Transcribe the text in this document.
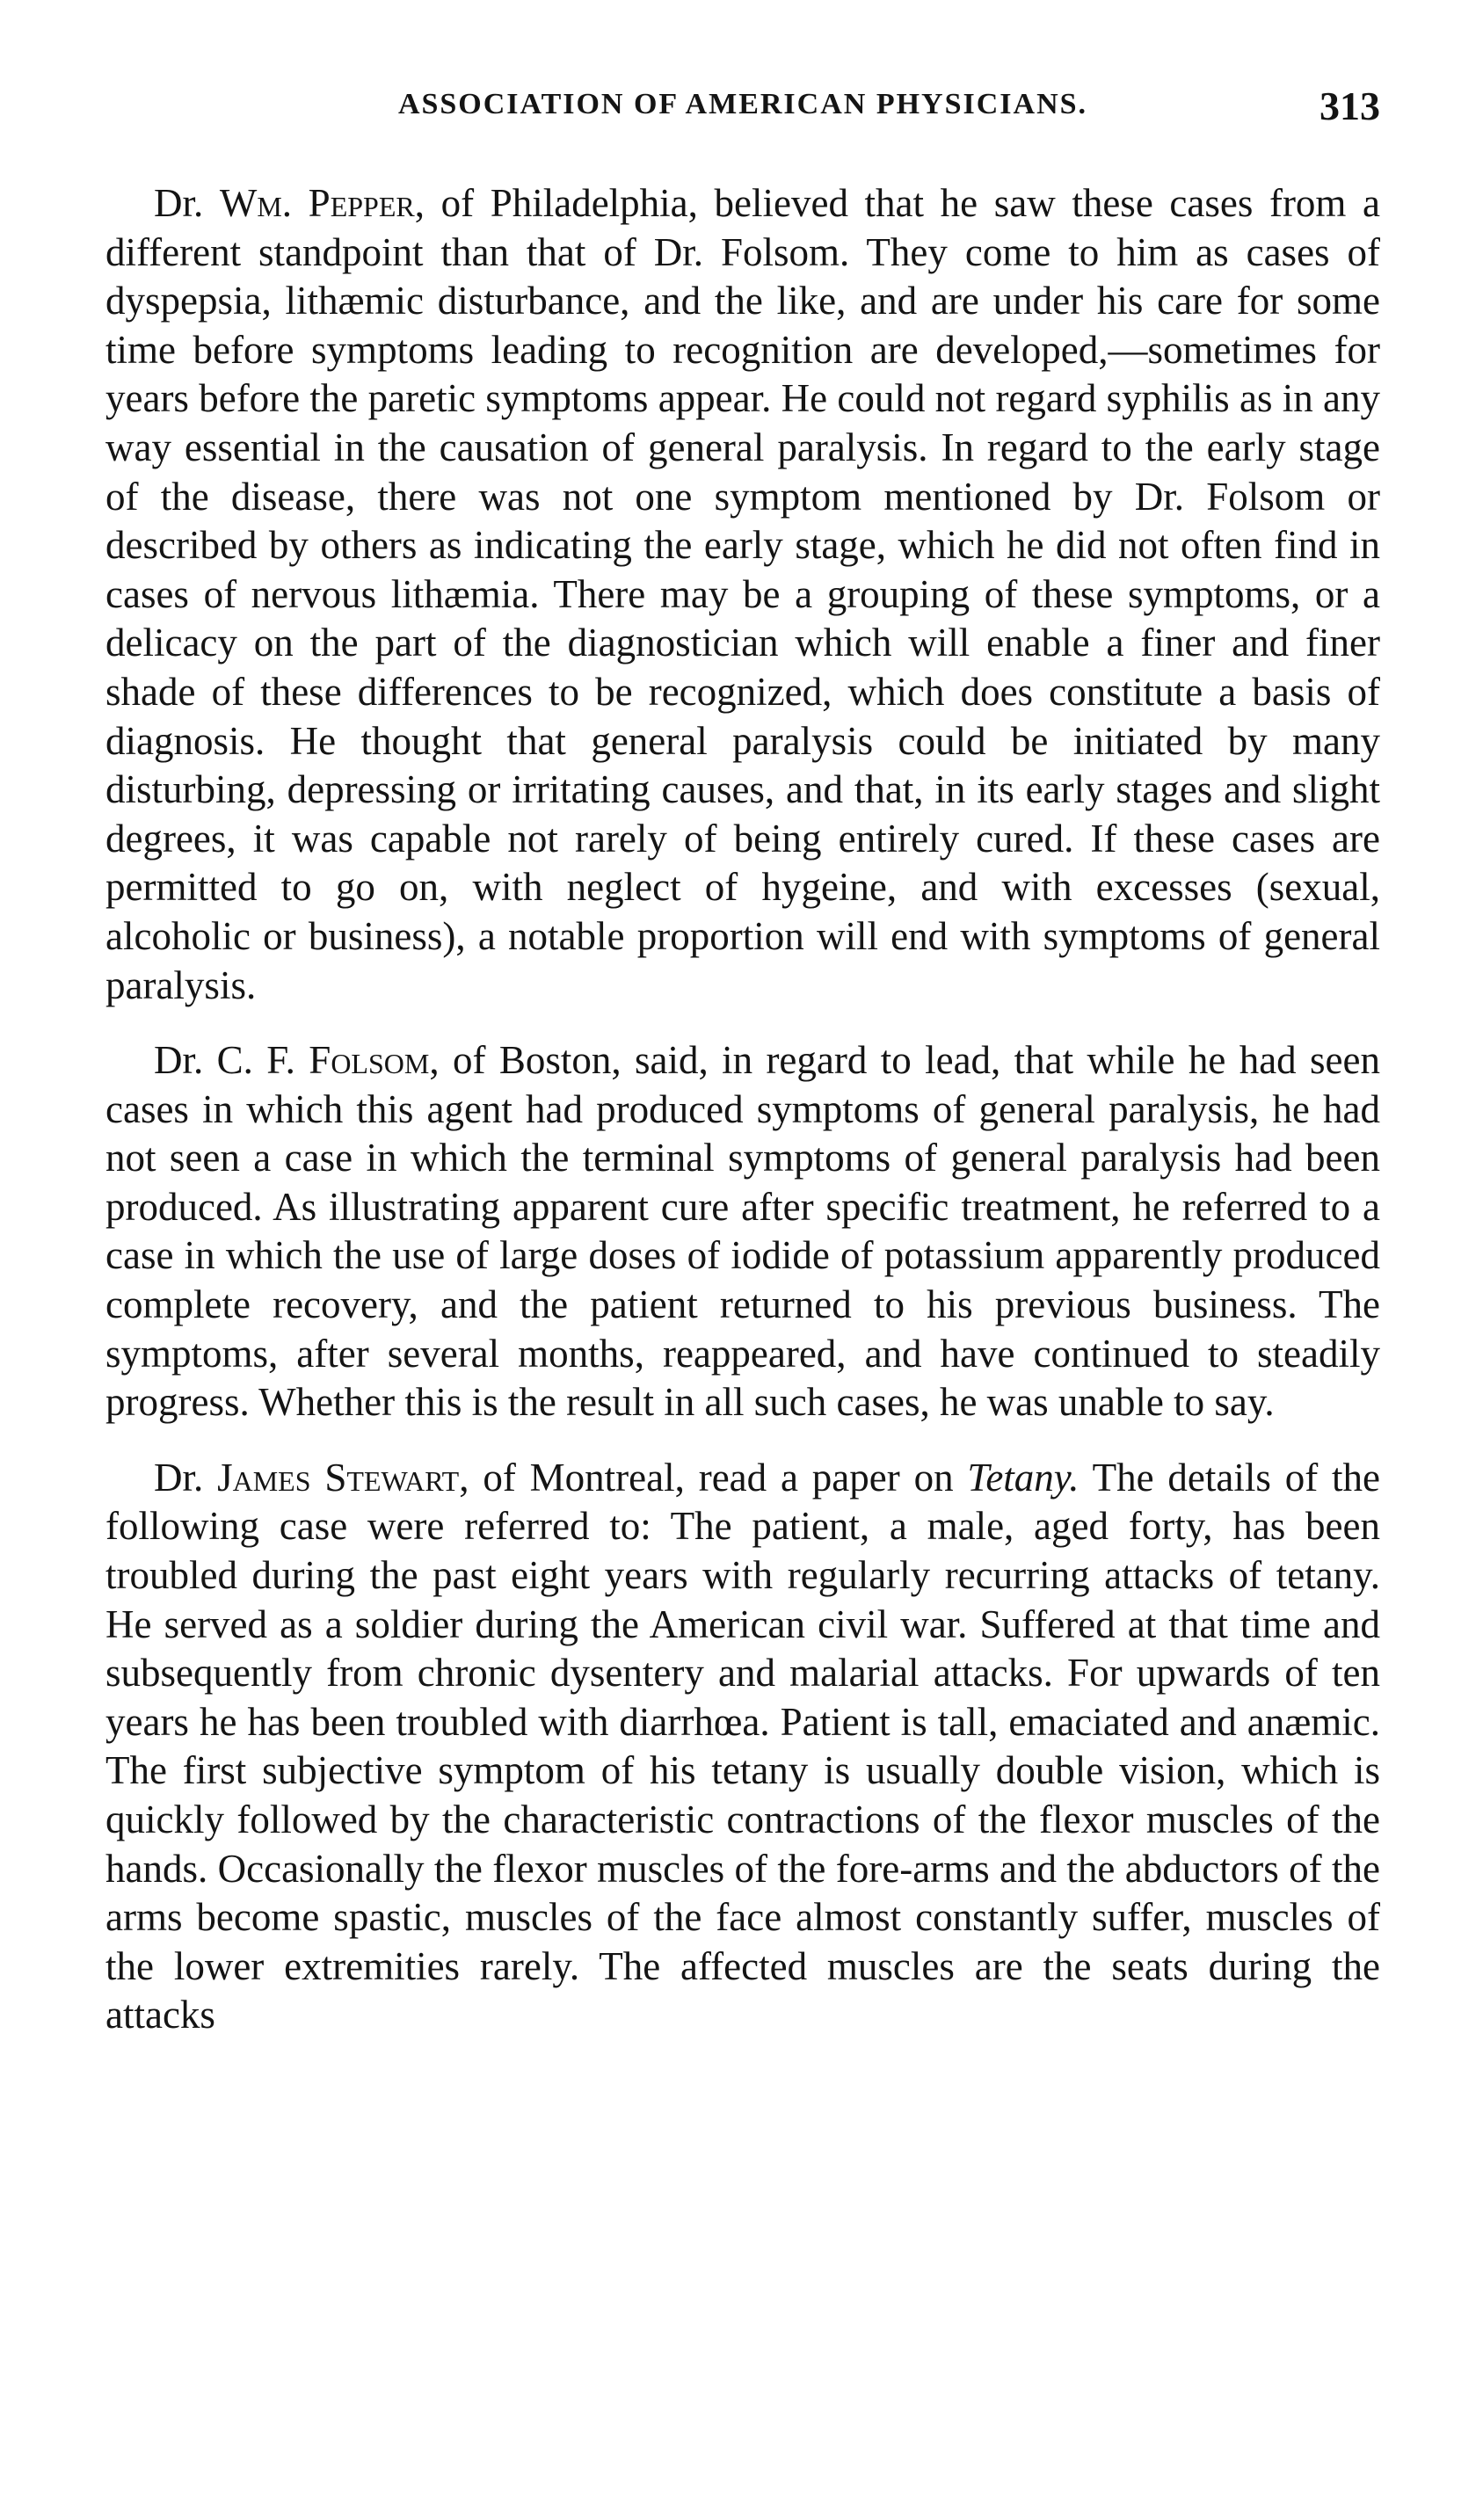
ASSOCIATION OF AMERICAN PHYSICIANS.	313

Dr. Wm. Pepper, of Philadelphia, believed that he saw these cases from a different standpoint than that of Dr. Folsom. They come to him as cases of dyspepsia, lithæmic disturbance, and the like, and are under his care for some time before symptoms leading to recognition are developed,—sometimes for years before the paretic symptoms appear. He could not regard syphilis as in any way essential in the causation of general paralysis. In regard to the early stage of the disease, there was not one symptom mentioned by Dr. Folsom or described by others as indicating the early stage, which he did not often find in cases of nervous lithæmia. There may be a grouping of these symptoms, or a delicacy on the part of the diagnostician which will enable a finer and finer shade of these differences to be recognized, which does constitute a basis of diagnosis. He thought that general paralysis could be initiated by many disturbing, depressing or irritating causes, and that, in its early stages and slight degrees, it was capable not rarely of being entirely cured. If these cases are permitted to go on, with neglect of hygeine, and with excesses (sexual, alcoholic or business), a notable proportion will end with symptoms of general paralysis.

Dr. C. F. Folsom, of Boston, said, in regard to lead, that while he had seen cases in which this agent had produced symptoms of general paralysis, he had not seen a case in which the terminal symptoms of general paralysis had been produced. As illustrating apparent cure after specific treatment, he referred to a case in which the use of large doses of iodide of potassium apparently produced complete recovery, and the patient returned to his previous business. The symptoms, after several months, reappeared, and have continued to steadily progress. Whether this is the result in all such cases, he was unable to say.

Dr. James Stewart, of Montreal, read a paper on Tetany. The details of the following case were referred to: The patient, a male, aged forty, has been troubled during the past eight years with regularly recurring attacks of tetany. He served as a soldier during the American civil war. Suffered at that time and subsequently from chronic dysentery and malarial attacks. For upwards of ten years he has been troubled with diarrhœa. Patient is tall, emaciated and anæmic. The first subjective symptom of his tetany is usually double vision, which is quickly followed by the characteristic contractions of the flexor muscles of the hands. Occasionally the flexor muscles of the fore-arms and the abductors of the arms become spastic, muscles of the face almost constantly suffer, muscles of the lower extremities rarely. The affected muscles are the seats during the attacks
